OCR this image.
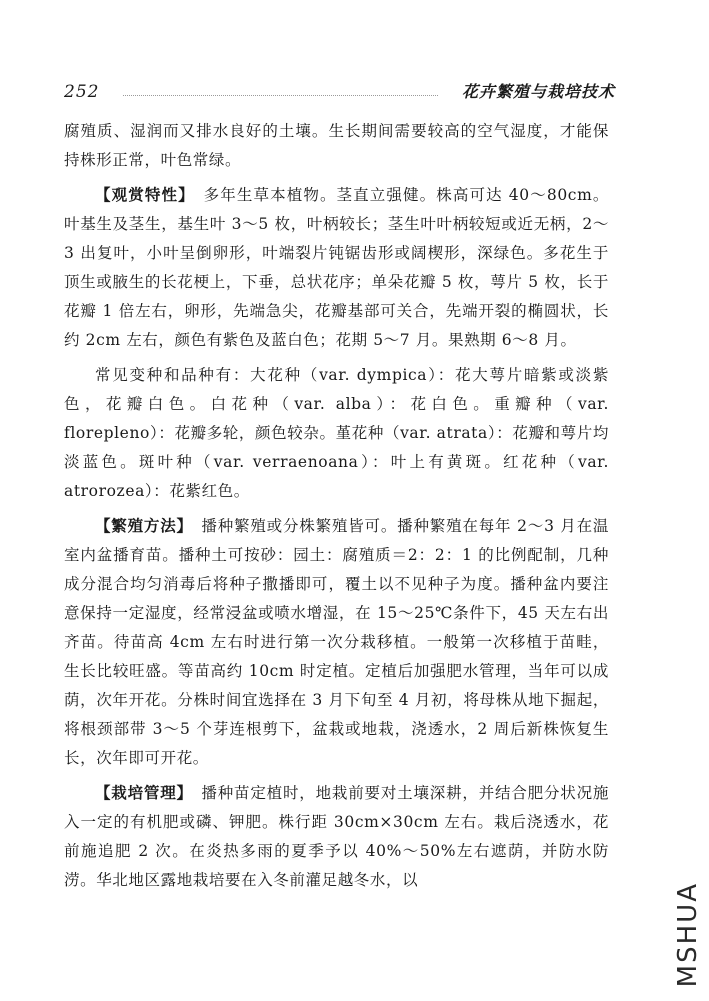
252	花卉繁殖与栽培技术

腐殖质、湿润而又排水良好的土壤。生长期间需要较高的空气湿度，才能保持株形正常，叶色常绿。

【观赏特性】　多年生草本植物。茎直立强健。株高可达 40～80cm。叶基生及茎生，基生叶 3～5 枚，叶柄较长；茎生叶叶柄较短或近无柄，2～3 出复叶，小叶呈倒卵形，叶端裂片钝锯齿形或阔楔形，深绿色。多花生于顶生或腋生的长花梗上，下垂，总状花序；单朵花瓣 5 枚，萼片 5 枚，长于花瓣 1 倍左右，卵形，先端急尖，花瓣基部可关合，先端开裂的椭圆状，长约 2cm 左右，颜色有紫色及蓝白色；花期 5～7 月。果熟期 6～8 月。

常见变种和品种有：大花种（var. dympica）：花大萼片暗紫或淡紫色，花瓣白色。白花种（var. alba）：花白色。重瓣种（var. florepleno）：花瓣多轮，颜色较杂。堇花种（var. atrata）：花瓣和萼片均淡蓝色。斑叶种（var. verraenoana）：叶上有黄斑。红花种（var. atrorozea）：花紫红色。

【繁殖方法】　播种繁殖或分株繁殖皆可。播种繁殖在每年 2～3 月在温室内盆播育苗。播种土可按砂：园土：腐殖质＝2：2：1 的比例配制，几种成分混合均匀消毒后将种子撒播即可，覆土以不见种子为度。播种盆内要注意保持一定湿度，经常浸盆或喷水增湿，在 15～25℃条件下，45 天左右出齐苗。待苗高 4cm 左右时进行第一次分栽移植。一般第一次移植于苗畦，生长比较旺盛。等苗高约 10cm 时定植。定植后加强肥水管理，当年可以成荫，次年开花。分株时间宜选择在 3 月下旬至 4 月初，将母株从地下掘起，将根颈部带 3～5 个芽连根剪下，盆栽或地栽，浇透水，2 周后新株恢复生长，次年即可开花。

【栽培管理】　播种苗定植时，地栽前要对土壤深耕，并结合肥分状况施入一定的有机肥或磷、钾肥。株行距 30cm×30cm 左右。栽后浇透水，花前施追肥 2 次。在炎热多雨的夏季予以 40%～50%左右遮荫，并防水防涝。华北地区露地栽培要在入冬前灌足越冬水，以

MSHUA
